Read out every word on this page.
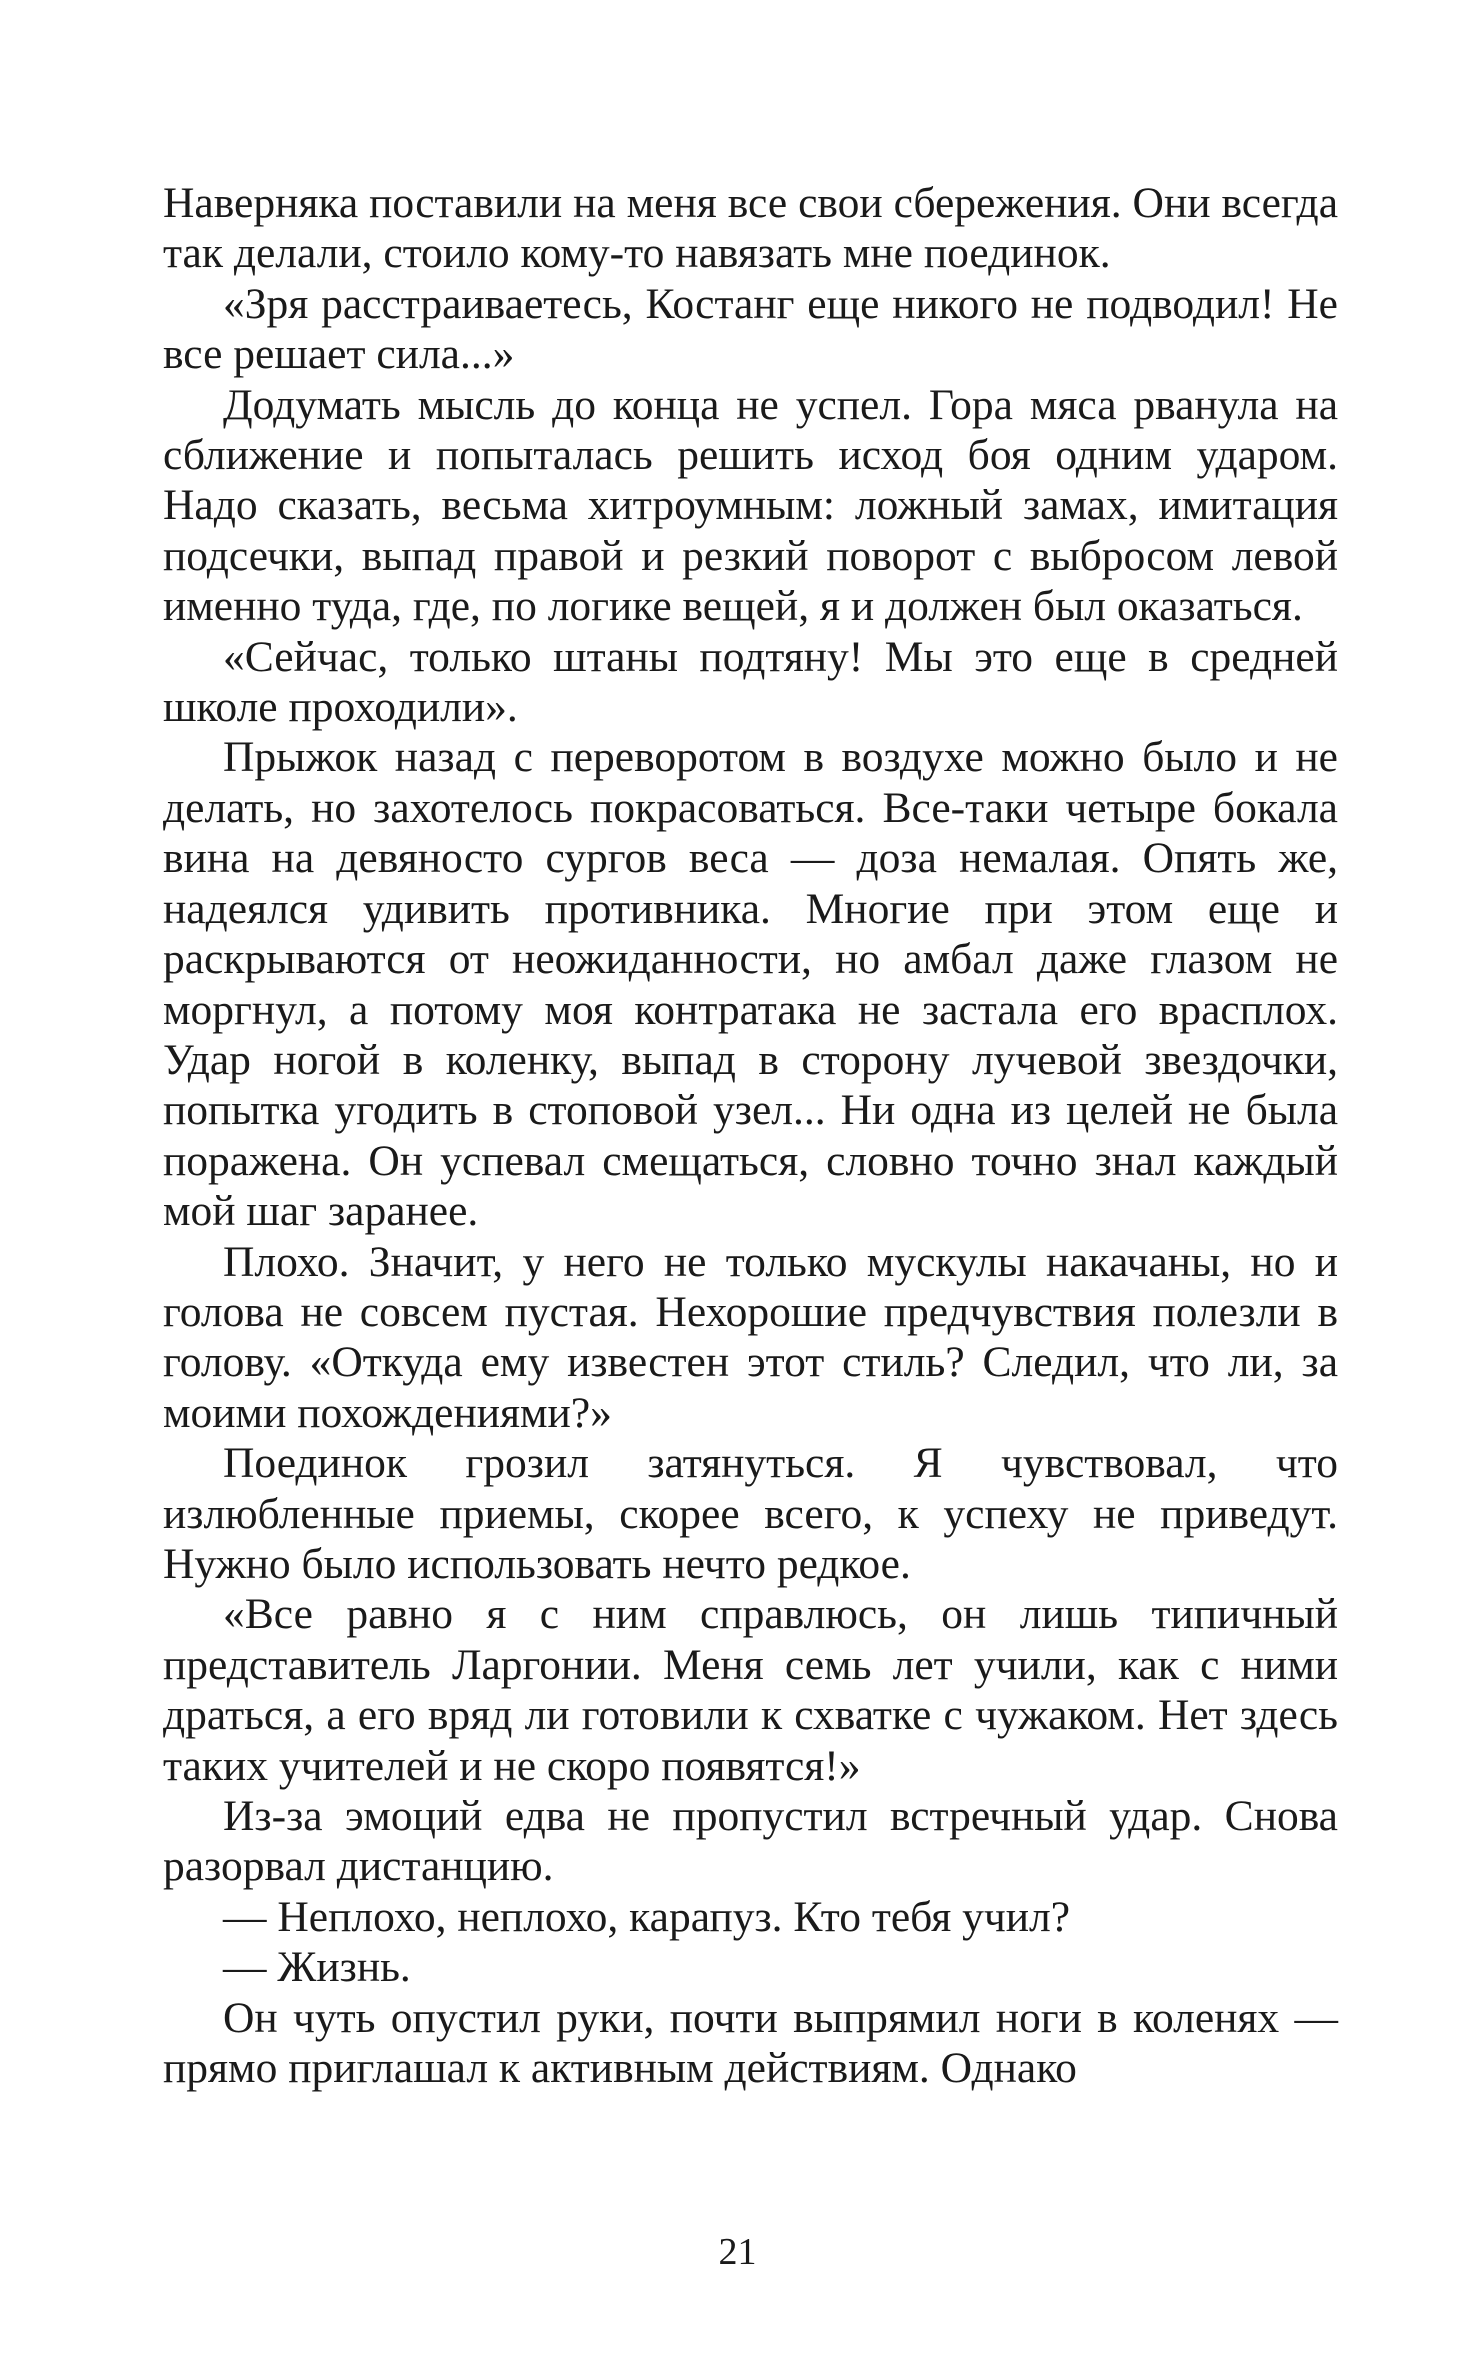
Наверняка поставили на меня все свои сбережения. Они всегда так делали, стоило кому-то навязать мне поединок.

«Зря расстраиваетесь, Костанг еще никого не подводил! Не все решает сила...»

Додумать мысль до конца не успел. Гора мяса рванула на сближение и попыталась решить исход боя одним ударом. Надо сказать, весьма хитроумным: ложный замах, имитация подсечки, выпад правой и резкий поворот с выбросом левой именно туда, где, по логике вещей, я и должен был оказаться.

«Сейчас, только штаны подтяну! Мы это еще в средней школе проходили».

Прыжок назад с переворотом в воздухе можно было и не делать, но захотелось покрасоваться. Все-таки четыре бокала вина на девяносто сургов веса — доза немалая. Опять же, надеялся удивить противника. Многие при этом еще и раскрываются от неожиданности, но амбал даже глазом не моргнул, а потому моя контратака не застала его врасплох. Удар ногой в коленку, выпад в сторону лучевой звездочки, попытка угодить в стоповой узел... Ни одна из целей не была поражена. Он успевал смещаться, словно точно знал каждый мой шаг заранее.

Плохо. Значит, у него не только мускулы накачаны, но и голова не совсем пустая. Нехорошие предчувствия полезли в голову. «Откуда ему известен этот стиль? Следил, что ли, за моими похождениями?»

Поединок грозил затянуться. Я чувствовал, что излюбленные приемы, скорее всего, к успеху не приведут. Нужно было использовать нечто редкое.

«Все равно я с ним справлюсь, он лишь типичный представитель Ларгонии. Меня семь лет учили, как с ними драться, а его вряд ли готовили к схватке с чужаком. Нет здесь таких учителей и не скоро появятся!»

Из-за эмоций едва не пропустил встречный удар. Снова разорвал дистанцию.

— Неплохо, неплохо, карапуз. Кто тебя учил?

— Жизнь.

Он чуть опустил руки, почти выпрямил ноги в коленях — прямо приглашал к активным действиям. Однако

21
